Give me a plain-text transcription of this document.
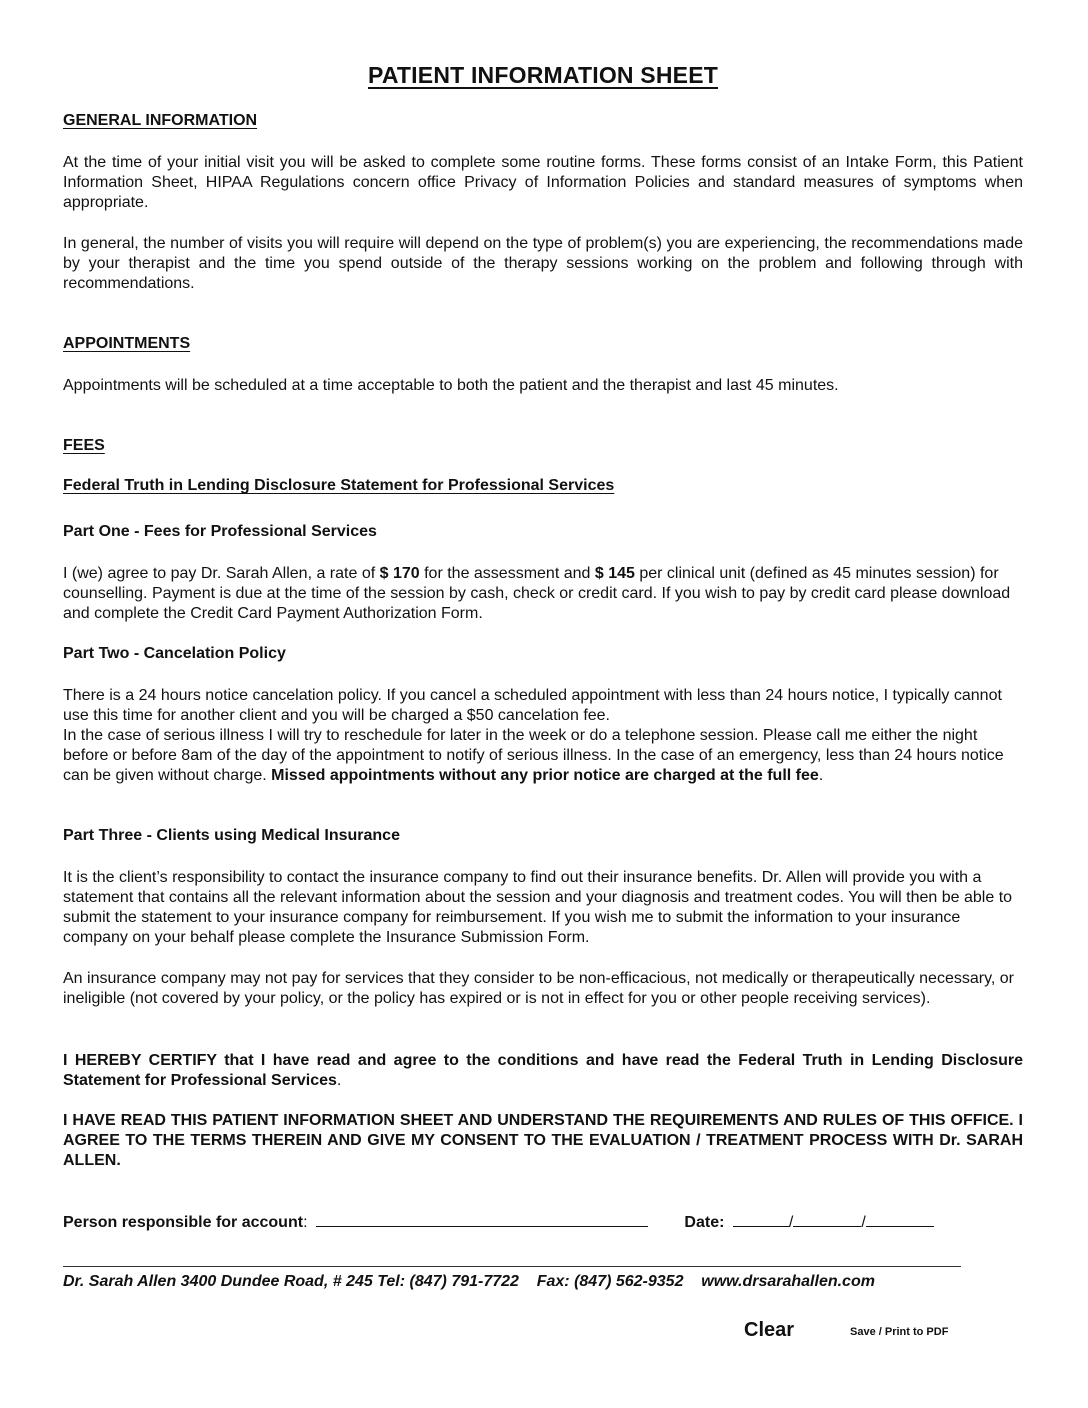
PATIENT INFORMATION SHEET
GENERAL INFORMATION
At the time of your initial visit you will be asked to complete some routine forms. These forms consist of an Intake Form, this Patient Information Sheet, HIPAA Regulations concern office Privacy of Information Policies and standard measures of symptoms when appropriate.
In general, the number of visits you will require will depend on the type of problem(s) you are experiencing, the recommendations made by your therapist and the time you spend outside of the therapy sessions working on the problem and following through with recommendations.
APPOINTMENTS
Appointments will be scheduled at a time acceptable to both the patient and the therapist and last 45 minutes.
FEES
Federal Truth in Lending Disclosure Statement for Professional Services
Part One - Fees for Professional Services
I (we) agree to pay Dr. Sarah Allen, a rate of $ 170 for the assessment and $ 145 per clinical unit (defined as 45 minutes session) for counselling. Payment is due at the time of the session by cash, check or credit card. If you wish to pay by credit card please download and complete the Credit Card Payment Authorization Form.
Part Two - Cancelation Policy
There is a 24 hours notice cancelation policy. If you cancel a scheduled appointment with less than 24 hours notice, I typically cannot use this time for another client and you will be charged a $50 cancelation fee.
In the case of serious illness I will try to reschedule for later in the week or do a telephone session. Please call me either the night before or before 8am of the day of the appointment to notify of serious illness. In the case of an emergency, less than 24 hours notice can be given without charge. Missed appointments without any prior notice are charged at the full fee.
Part Three - Clients using Medical Insurance
It is the client’s responsibility to contact the insurance company to find out their insurance benefits. Dr. Allen will provide you with a statement that contains all the relevant information about the session and your diagnosis and treatment codes. You will then be able to submit the statement to your insurance company for reimbursement. If you wish me to submit the information to your insurance company on your behalf please complete the Insurance Submission Form.
An insurance company may not pay for services that they consider to be non-efficacious, not medically or therapeutically necessary, or ineligible (not covered by your policy, or the policy has expired or is not in effect for you or other people receiving services).
I HEREBY CERTIFY that I have read and agree to the conditions and have read the Federal Truth in Lending Disclosure Statement for Professional Services.
I HAVE READ THIS PATIENT INFORMATION SHEET AND UNDERSTAND THE REQUIREMENTS AND RULES OF THIS OFFICE. I AGREE TO THE TERMS THEREIN AND GIVE MY CONSENT TO THE EVALUATION / TREATMENT PROCESS WITH Dr. SARAH ALLEN.
Person responsible for account:	Date:	/	/
Dr. Sarah Allen 3400 Dundee Road, # 245 Tel: (847) 791-7722 Fax: (847) 562-9352 www.drsarahallen.com
Clear	Save / Print to PDF
